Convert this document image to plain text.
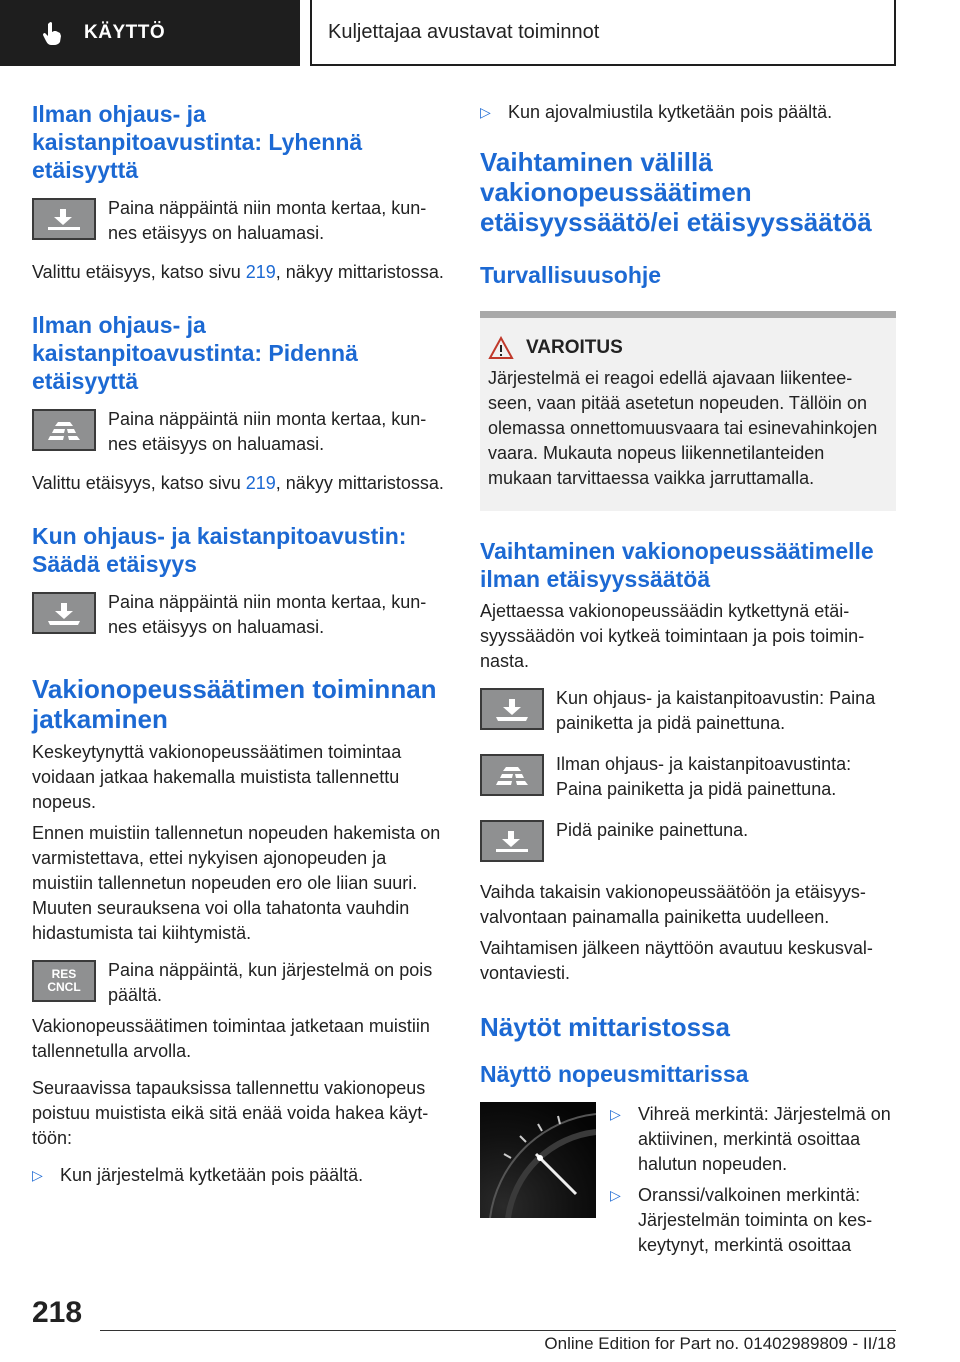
KÄYTTÖ	Kuljettajaa avustavat toiminnot
Ilman ohjaus- ja kaistanpitoavustinta: Lyhennä etäisyyttä
Paina näppäintä niin monta kertaa, kunnes etäisyys on haluamasi.
Valittu etäisyys, katso sivu 219, näkyy mittaristossa.
Ilman ohjaus- ja kaistanpitoavustinta: Pidennä etäisyyttä
Paina näppäintä niin monta kertaa, kunnes etäisyys on haluamasi.
Valittu etäisyys, katso sivu 219, näkyy mittaristossa.
Kun ohjaus- ja kaistanpitoavustin: Säädä etäisyys
Paina näppäintä niin monta kertaa, kunnes etäisyys on haluamasi.
Vakionopeussäätimen toiminnan jatkaminen
Keskeytynyttä vakionopeussäätimen toimintaa voidaan jatkaa hakemalla muistista tallennettu nopeus.
Ennen muistiin tallennetun nopeuden hakemista on varmistettava, ettei nykyisen ajonopeuden ja muistiin tallennetun nopeuden ero ole liian suuri. Muuten seurauksena voi olla tahatonta vauhdin hidastumista tai kiihtymistä.
RES
CNCL
Paina näppäintä, kun järjestelmä on pois päältä.
Vakionopeussäätimen toimintaa jatketaan muistiin tallennetulla arvolla.
Seuraavissa tapauksissa tallennettu vakionopeus poistuu muistista eikä sitä enää voida hakea käyttöön:
▷ Kun järjestelmä kytketään pois päältä.
▷ Kun ajovalmiustila kytketään pois päältä.
Vaihtaminen välillä vakionopeussäätimen etäisyyssäätö/ei etäisyyssäätöä
Turvallisuusohje
VAROITUS
Järjestelmä ei reagoi edellä ajavaan liikenteeseen, vaan pitää asetetun nopeuden. Tällöin on olemassa onnettomuusvaara tai esinevahinkojen vaara. Mukauta nopeus liikennetilanteiden mukaan tarvittaessa vaikka jarruttamalla.
Vaihtaminen vakionopeussäätimelle ilman etäisyyssäätöä
Ajettaessa vakionopeussäädin kytkettynä etäisyyssäädön voi kytkeä toimintaan ja pois toiminnasta.
Kun ohjaus- ja kaistanpitoavustin: Paina painiketta ja pidä painettuna.
Ilman ohjaus- ja kaistanpitoavustinta: Paina painiketta ja pidä painettuna.
Pidä painike painettuna.
Vaihda takaisin vakionopeussäätöön ja etäisyysvalvontaan painamalla painiketta uudelleen.
Vaihtamisen jälkeen näyttöön avautuu keskusvalvontaviesti.
Näytöt mittaristossa
Näyttö nopeusmittarissa
▷ Vihreä merkintä: Järjestelmä on aktiivinen, merkintä osoittaa halutun nopeuden.
▷ Oranssi/valkoinen merkintä: Järjestelmän toiminta on keskeytynyt, merkintä osoittaa
218
Online Edition for Part no. 01402989809 - II/18
